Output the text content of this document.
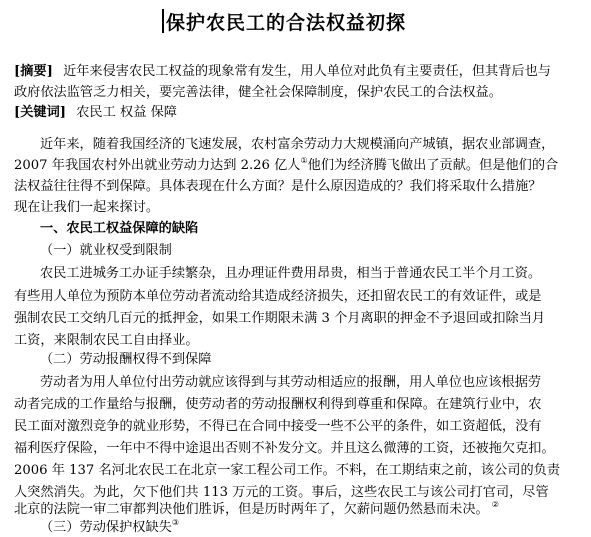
保护农民工的合法权益初探
[摘要] 近年来侵害农民工权益的现象常有发生，用人单位对此负有主要责任，但其背后也与
政府依法监管乏力相关，要完善法律，健全社会保障制度，保护农民工的合法权益。
[关键词] 农民工 权益 保障
近年来，随着我国经济的飞速发展，农村富余劳动力大规模涌向产城镇，据农业部调查，
2007 年我国农村外出就业劳动力达到 2.26 亿人①他们为经济腾飞做出了贡献。但是他们的合
法权益往往得不到保障。具体表现在什么方面？是什么原因造成的？我们将采取什么措施？
现在让我们一起来探讨。
一、农民工权益保障的缺陷
（一）就业权受到限制
农民工进城务工办证手续繁杂，且办理证件费用昂贵，相当于普通农民工半个月工资。
有些用人单位为预防本单位劳动者流动给其造成经济损失，还扣留农民工的有效证件，或是
强制农民工交纳几百元的抵押金，如果工作期限未满 3 个月离职的押金不予退回或扣除当月
工资，来限制农民工自由择业。
（二）劳动报酬权得不到保障
劳动者为用人单位付出劳动就应该得到与其劳动相适应的报酬，用人单位也应该根据劳
动者完成的工作量给与报酬，使劳动者的劳动报酬权利得到尊重和保障。在建筑行业中，农
民工面对激烈竞争的就业形势，不得已在合同中接受一些不公平的条件，如工资超低，没有
福利医疗保险，一年中不得中途退出否则不补发分文。并且这么微薄的工资，还被拖欠克扣。
2006 年 137 名河北农民工在北京一家工程公司工作。不料，在工期结束之前，该公司的负责
人突然消失。为此，欠下他们共 113 万元的工资。事后，这些农民工与该公司打官司，尽管
北京的法院一审二审都判决他们胜诉，但是历时两年了，欠薪问题仍然悬而未决。 ②
（三）劳动保护权缺失③
